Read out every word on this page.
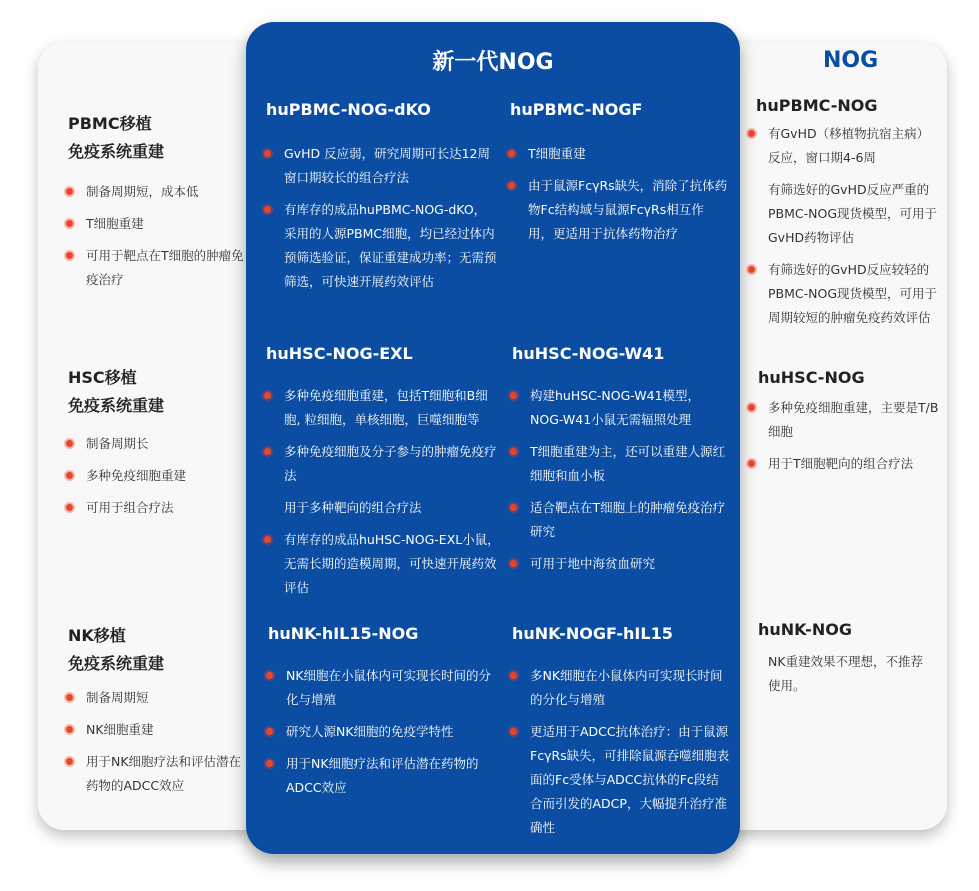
新一代NOG	NOG
PBMC移植
免疫系统重建
制备周期短，成本低
T细胞重建
可用于靶点在T细胞的肿瘤免疫治疗
huPBMC-NOG-dKO
GvHD 反应弱，研究周期可长达12周窗口期较长的组合疗法
有库存的成品huPBMC-NOG-dKO，采用的人源PBMC细胞，均已经过体内预筛选验证，保证重建成功率；无需预筛选，可快速开展药效评估
huPBMC-NOGF
T细胞重建
由于鼠源FcγRs缺失，消除了抗体药物Fc结构域与鼠源FcγRs相互作用，更适用于抗体药物治疗
huPBMC-NOG
有GvHD（移植物抗宿主病）反应，窗口期4-6周
有筛选好的GvHD反应严重的PBMC-NOG现货模型，可用于GvHD药物评估
有筛选好的GvHD反应较轻的PBMC-NOG现货模型，可用于周期较短的肿瘤免疫药效评估
HSC移植
免疫系统重建
制备周期长
多种免疫细胞重建
可用于组合疗法
huHSC-NOG-EXL
多种免疫细胞重建，包括T细胞和B细胞, 粒细胞，单核细胞，巨噬细胞等
多种免疫细胞及分子参与的肿瘤免疫疗法
用于多种靶向的组合疗法
有库存的成品huHSC-NOG-EXL小鼠，无需长期的造模周期，可快速开展药效评估
huHSC-NOG-W41
构建huHSC-NOG-W41模型，NOG-W41小鼠无需辐照处理
T细胞重建为主，还可以重建人源红细胞和血小板
适合靶点在T细胞上的肿瘤免疫治疗研究
可用于地中海贫血研究
huHSC-NOG
多种免疫细胞重建，主要是T/B细胞
用于T细胞靶向的组合疗法
NK移植
免疫系统重建
制备周期短
NK细胞重建
用于NK细胞疗法和评估潜在药物的ADCC效应
huNK-hIL15-NOG
NK细胞在小鼠体内可实现长时间的分化与增殖
研究人源NK细胞的免疫学特性
用于NK细胞疗法和评估潜在药物的ADCC效应
huNK-NOGF-hIL15
多NK细胞在小鼠体内可实现长时间的分化与增殖
更适用于ADCC抗体治疗：由于鼠源FcγRs缺失，可排除鼠源吞噬细胞表面的Fc受体与ADCC抗体的Fc段结合而引发的ADCP，大幅提升治疗准确性
huNK-NOG
NK重建效果不理想，不推荐使用。
